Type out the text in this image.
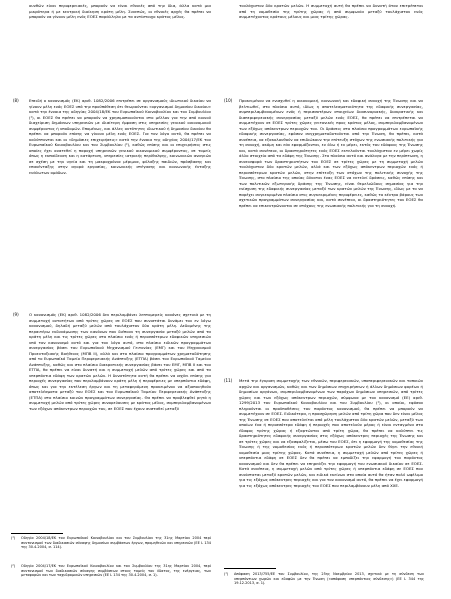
ουνθών είναι περιφερειακές, μπορούν να είναι εθνικές από την ίδια, άλλα κατά μια μικρότερα ή με κεντρική διοίκηση κράτη μέλη. Συνεπώς, οι εθνικές αρχές θα πρέπει να μπορούν να γίνουν μέλη ενός ΕΟΕΣ παράλληλα με τα αντίστοιχο κράτος μέλος.

(8)	Επειδή ο κανονισμός (ΕΚ) αριθ. 1082/2006 επιτρέπει σε οργανισμούς ιδιωτικού δικαίου να γίνουν μέλη ενός ΕΟΕΣ υπό την προϋπόθεση ότι θεωρούνται «οργανισμοί δημοσίου δικαίου» κατά την έννοια της οδηγίας 2004/18/ΕΚ του Ευρωπαϊκού Κοινοβουλίου και του Συμβουλίου (¹), οι ΕΟΕΣ θα πρέπει να μπορούν να χρησιμοποιούνται στο μέλλον για την από κοινού διαχείριση δημόσιων υπηρεσιών με ιδιαίτερη έμφαση στις υπηρεσίες γενικού οικονομικού συμφέροντος ή υποδομών. Επομένως, και άλλες οντότητες ιδιωτικού ή δημοσίου δικαίου θα πρέπει να μπορούν επίσης να γίνουν μέλη ενός ΕΟΕΣ. Για τον λόγο αυτό, θα πρέπει να καλύπτονται και οι «δημόσιες επιχειρήσεις» κατά την έννοια της οδηγίας 2004/17/ΕΚ του Ευρωπαϊκού Κοινοβουλίου και του Συμβουλίου (²), καθώς επίσης και οι επιχειρήσεις στις οποίες έχει ανατεθεί η παροχή υπηρεσιών γενικού οικονομικού συμφέροντος, σε τομείς όπως η εκπαίδευση και η κατάρτιση, υπηρεσίες ιατρικής περίθαλψης, κοινωνικών αναγκών σε σχέση με την υγεία και τη μακροχρόνια μέριμνα, φύλαξης παιδιών, πρόσβασης και επανένταξης στην αγορά εργασίας, κοινωνικής στέγασης και κοινωνικής ένταξης ευάλωτων ομάδων.

(9)	Ο κανονισμός (ΕΚ) αριθ. 1082/2006 δεν περιλαμβάνει λεπτομερείς κανόνες σχετικά με τη συμμετοχή οντοτήτων από τρίτες χώρες σε ΕΟΕΣ που συνιστάται δυνάμει του εν λόγω κανονισμού, δηλαδή μεταξύ μελών από τουλάχιστον δύο κράτη μέλη. Δεδομένης της περαιτέρω ενδυνάμωσης των κανόνων που διέπουν τη συνεργασία μεταξύ μελών από τα κράτη μέλη και τις τρίτες χώρες στο πλαίσιο ενός ή περισσότερων εδαφικών υπηρεσιών υπό τον κανονισμό αυτό και για τον λόγο αυτό, στο πλαίσιο ειδικών προγραμμάτων συνεργασίας βάσει του Ευρωπαϊκού Μηχανισμού Γειτονίας (ΕΜΓ) και του Μηχανισμού Προενταξιακής Βοήθειας (ΜΠΒ ΙΙ), αλλά και στο πλαίσιο προγραμμάτων χρηματοδότησης από το Ευρωπαϊκό Ταμείο Περιφερειακής Ανάπτυξης (ΕΤΠΑ) βάσει του Ευρωπαϊκού Ταμείου Ανάπτυξης, καθώς και στο πλαίσιο διακρατικής συνεργασίας βάσει του ΕΜΓ, ΜΠΒ ΙΙ και του ΕΤΠΑ, θα πρέπει να είναι δυνατή και η συμμετοχή μελών από τρίτες χώρες και από τα υπερπόντια εδάφη των κρατών μελών. Η δυνατότητα αυτή θα πρέπει να ισχύει επίσης για περιοχές συνεργασίας που περιλαμβάνουν κράτη μέλη ή περιφέρειες με υπερπόντια εδάφη, όπως και για την εκτέλεση έργων και τη μεταφερόμενη προκειμένου να αξιοποιηθούν αποτελέσματα μεταξύ του ΕΟΕΣ και του Ευρωπαϊκού Ταμείου Περιφερειακής Ανάπτυξης (ΕΤΠΑ) στο πλαίσιο κοινών προγραμμάτων συνεργασίας. Θα πρέπει να προβλεφθεί ρητά η συμμετοχή μελών από τρίτες χώρες συνορεύουσες με κράτος μέλος, συμπεριλαμβανομένων των εξόχων απόκεντρων περιοχών του, σε ΕΟΕΣ που έχουν συσταθεί μεταξύ

(¹)	Οδηγία 2004/18/ΕΚ του Ευρωπαϊκού Κοινοβουλίου και του Συμβουλίου της 31ης Μαρτίου 2004 περί συντονισμού των διαδικασιών σύναψης δημοσίων συμβάσεων έργων, προμηθειών και υπηρεσιών (ΕΕ L 134 της 30.4.2004, σ. 114).
(²)	Οδηγία 2004/17/ΕΚ του Ευρωπαϊκού Κοινοβουλίου και του Συμβουλίου της 31ης Μαρτίου 2004, περί συντονισμού των διαδικασιών σύναψης συμβάσεων στους τομείς του ύδατος, της ενέργειας, των μεταφορών και των ταχυδρομικών υπηρεσιών (ΕΕ L 134 της 30.4.2004, σ. 1).

τουλάχιστον δύο κρατών μελών. Η συμμετοχή αυτή θα πρέπει να δυνατή όταν επιτρέπεται από τη νομοθεσία της τρίτης χώρας ή από συμφωνία μεταξύ τουλάχιστον ενός συμμετέχοντος κράτους μέλους και μιας τρίτης χώρας.

(10) Προκειμένου να ενισχυθεί η οικονομική, κοινωνική και εδαφική συνοχή της Ένωσης και να βελτιωθεί, στο πλαίσιο αυτό, ιδίως η αποτελεσματικότητα της εδαφικής συνεργασίας, συμπεριλαμβανομένων ενός ή περισσοτέρων στοιχείων διασυνοριακής, διακρατικής και διαπεριφερειακής συνεργασίας μεταξύ μελών ενός ΕΟΕΣ, θα πρέπει να επιτρέπεται να συμμετέχουν σε ΕΟΕΣ τρίτες χώρες γειτονικές προς κράτος μέλος, συμπεριλαμβανομένων των εξόχως απόκεντρων περιοχών του. Οι δράσεις στο πλαίσιο προγραμμάτων ευρωπαϊκής εδαφικής συνεργασίας, εφόσον συγχρηματοδοτούνται από την Ένωση, θα πρέπει, κατά συνέπεια, να εξακολουθούν να επιδιώκουν την επίτευξη στόχων της ενωσιακής πολιτικής για τη συνοχή, ακόμη και εάν εφαρμόζονται, εν όλω ή εν μέρει, εκτός του εδάφους της Ένωσης και, κατά συνέπεια, οι δραστηριότητες ενός ΕΟΕΣ εκτελούνται τουλάχιστον εν μέρει χωρίς άλλο στοιχείο από τα εδάφη της Ένωσης. Στο πλαίσιο αυτό και ανάλογα με την περίπτωση, η συνεισφορά των δραστηριοτήτων του ΕΟΕΣ σε τρίτες χώρες με τη συμμετοχή μελών τουλάχιστον δύο κρατών μελών, αλλά και των εξόχως απόκεντρων περιοχών ενός ή περισσότερων κρατών μελών, στην επίτευξη των στόχων της πολιτικής συνοχής της Ένωσης, στο πλαίσιο της οποίας δύναται ένας ΕΟΕΣ να εκτελεί δράσεις, καθώς επίσης και των πολιτικών εξωτερικής δράσης της Ένωσης, είναι θεμελιώδους σημασίας για την ενίσχυση της εδαφικής συνεργασίας μεταξύ των κρατών μελών της Ένωσης, ιδίως με το να παρέχει συγκεκριμένο πλαίσιο στις συγκεκριμένες περιφέρειες, καθώς το κέντρο βάρους των σχετικών προγραμμάτων συνεργασίας και, κατά συνέπεια, οι δραστηριότητες του ΕΟΕΣ θα πρέπει να επικεντρώνονται σε στόχους της ενωσιακής πολιτικής για τη συνοχή.

(11) Μετά την έγκριση συμμετοχής των εθνικών, περιφερειακών, υποπεριφερειακών και τοπικών αρχών και οργανισμών, καθώς και των δημόσιων επιχειρήσεων ή άλλων δημόσιων φορέων ή δημοσίων οργάνων, συμπεριλαμβανομένων των παρόχων δημόσιων υπηρεσιών, από τρίτες χώρες και των εξόχως απόκεντρων περιοχών, σύμφωνα με τον κανονισμό (ΕΕ) αριθ. 1299/2013 του Ευρωπαϊκού Κοινοβουλίου και του Συμβουλίου (¹), οι οποίοι, εφόσον πληρούνται οι προϋποθέσεις του παρόντος κανονισμού, θα πρέπει να μπορούν να συμμετέχουν σε ΕΟΕΣ. Ειδικότερα, η προσχώρηση μελών από τρίτη χώρα που δεν είναι μέλος της Ένωσης σε ΕΟΕΣ που αποτελείται από μέλη τουλάχιστον δύο κρατών μελών, μεταξύ των οποίων ένα ή περισσότερα εδάφη ή περιοχές που αποτελούν μέρος ή είναι ενταγμένα στο έδαφος τρίτης χώρας ή εξαρτώνται από τρίτη χώρα, θα πρέπει να καλύπτει τις δραστηριότητες εδαφικής συνεργασίας στις εξόχως απόκεντρες περιοχές της Ένωσης και σε τρίτες χώρες και να εξασφαλίζεται, μέσω του ΕΟΕΣ, ότι η εφαρμογή της νομοθεσίας της Ένωσης ή της νομοθεσίας ενός ή περισσότερων κρατών μελών δεν θίγει την εθνική νομοθεσία μιας τρίτης χώρας. Κατά συνέπεια, η συμμετοχή μελών από τρίτες χώρες ή υπερπόντια εδάφη σε ΕΟΕΣ δεν θα πρέπει να εμποδίζει την εφαρμογή του παρόντος κανονισμού και δεν θα πρέπει να επηρεάζει την εφαρμογή του ενωσιακού δικαίου σε ΕΟΕΣ. Κατά συνέπεια, η συμμετοχή μελών από τρίτες χώρες ή υπερπόντια εδάφη σε ΕΟΕΣ που συνίσταται μεταξύ κρατών μελών, και ειδικά εκείνων στα οποία αυτό θα ήταν πολύ ωφέλιμο για τις εξόχως απόκεντρες περιοχές και για τον κανονισμό αυτό, θα πρέπει να έχει εφαρμογή για τις εξόχως απόκεντρες περιοχές του ΕΟΕΣ που περιλαμβάνουν μέλη από ΧΧΕ.

(¹)	Απόφαση 2013/755/ΕΕ του Συμβουλίου, της 25ης Νοεμβρίου 2013, σχετικά με τη σύνδεση των υπερπόντιων χωρών και εδαφών με την Ένωση («απόφαση υπερπόντιας σύνδεσης») (ΕΕ L 344 της 19.12.2013, σ. 1).
